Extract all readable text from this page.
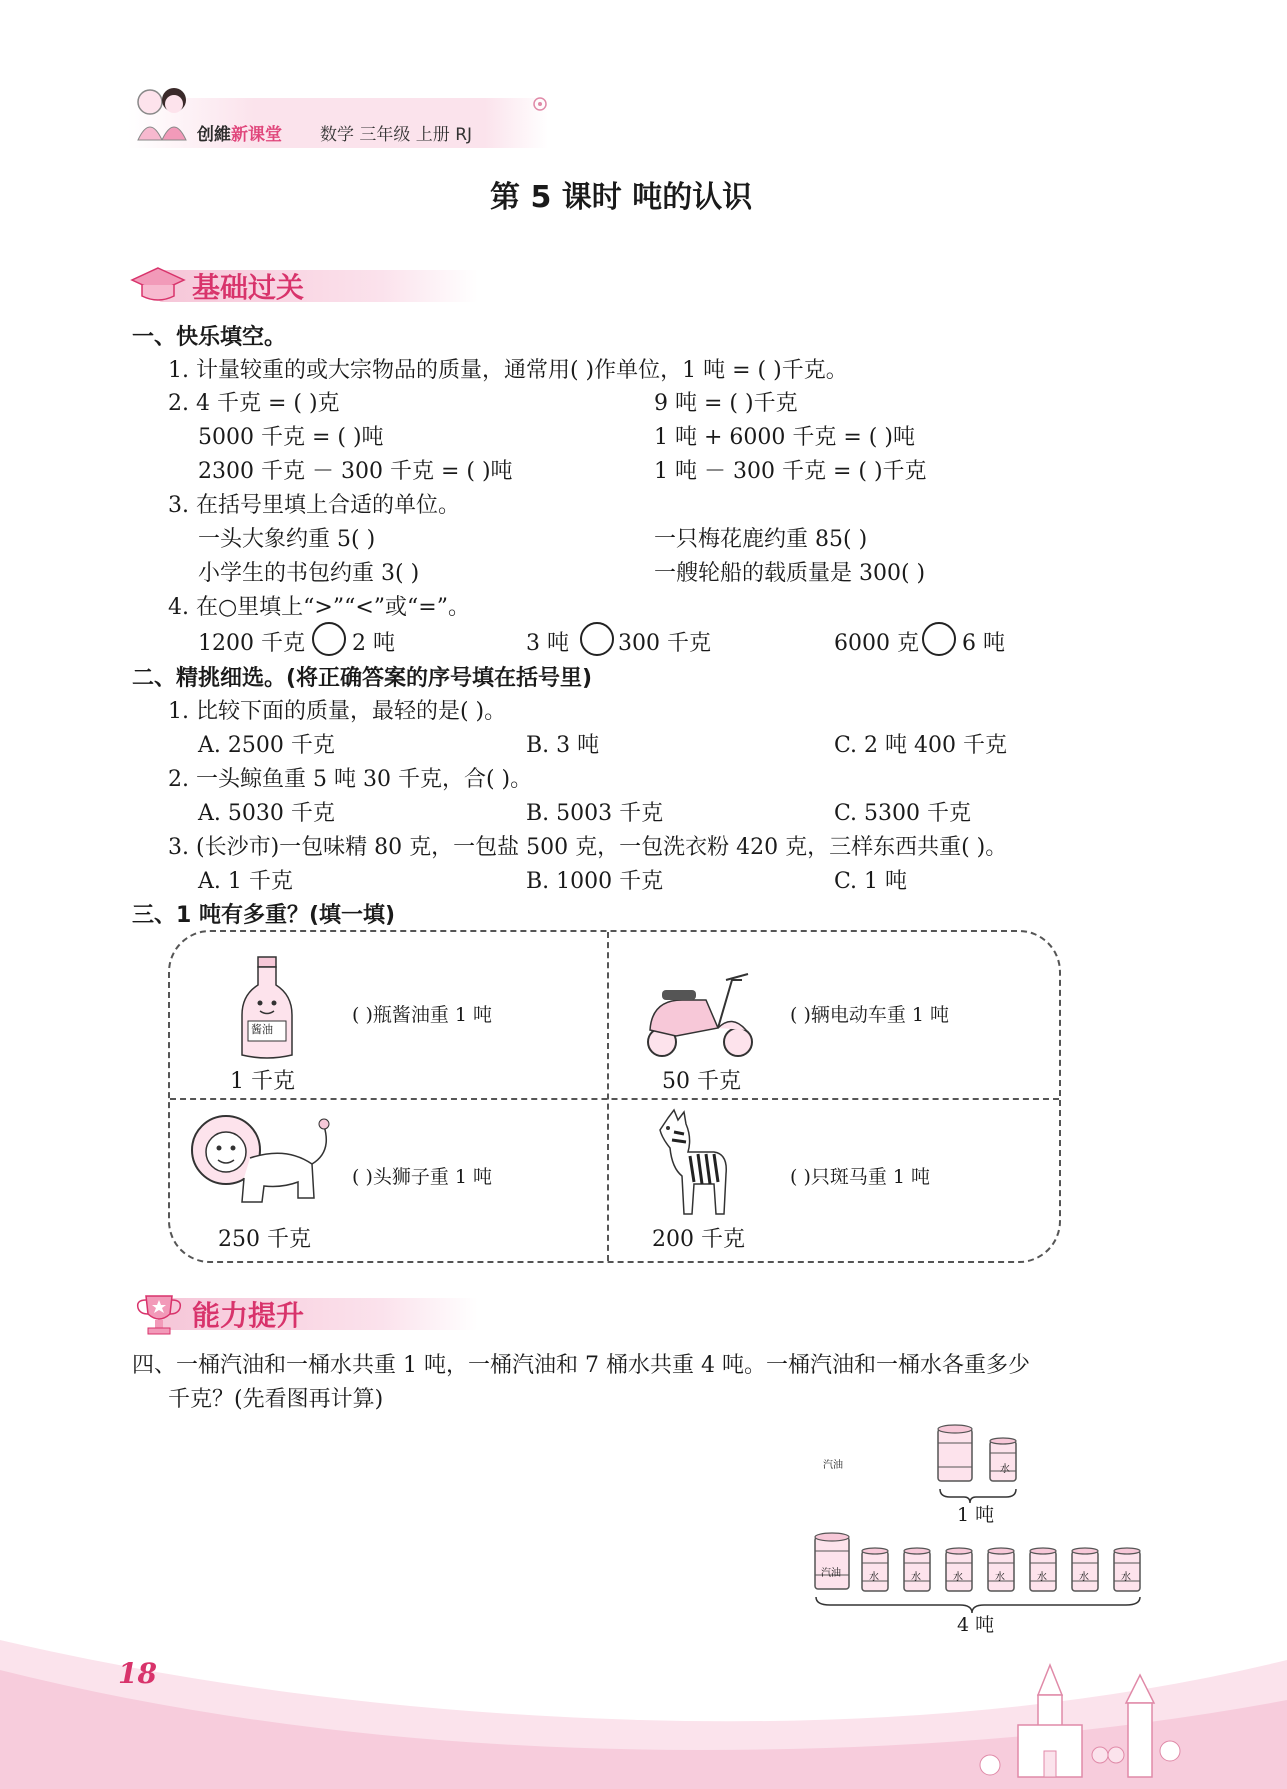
创維新课堂 数学 三年级 上册 RJ
第 5 课时 吨的认识
基础过关
一、快乐填空。
1. 计量较重的或大宗物品的质量，通常用( )作单位，1 吨 = ( )千克。
2. 4 千克 = ( )克	9 吨 = ( )千克
5000 千克 = ( )吨	1 吨 + 6000 千克 = ( )吨
2300 千克 － 300 千克 = ( )吨	1 吨 － 300 千克 = ( )千克
3. 在括号里填上合适的单位。
一头大象约重 5( )	一只梅花鹿约重 85( )
小学生的书包约重 3( )	一艘轮船的载质量是 300( )
4. 在○里填上“>”“<”或“=”。
1200 千克 2 吨	3 吨 300 千克	6000 克 6 吨
二、精挑细选。(将正确答案的序号填在括号里)
1. 比较下面的质量，最轻的是( )。
A. 2500 千克	B. 3 吨	C. 2 吨 400 千克
2. 一头鲸鱼重 5 吨 30 千克，合( )。
A. 5030 千克	B. 5003 千克	C. 5300 千克
3. (长沙市)一包味精 80 克，一包盐 500 克，一包洗衣粉 420 克，三样东西共重( )。
A. 1 千克	B. 1000 千克	C. 1 吨
三、1 吨有多重？(填一填)
酱油
1 千克
( )瓶酱油重 1 吨
50 千克
( )辆电动车重 1 吨
250 千克
( )头狮子重 1 吨
200 千克
( )只斑马重 1 吨
能力提升
四、一桶汽油和一桶水共重 1 吨，一桶汽油和 7 桶水共重 4 吨。一桶汽油和一桶水各重多少
千克？(先看图再计算)
汽油	水
汽油	水	水	水	水	水	水	水
1 吨
4 吨
18
